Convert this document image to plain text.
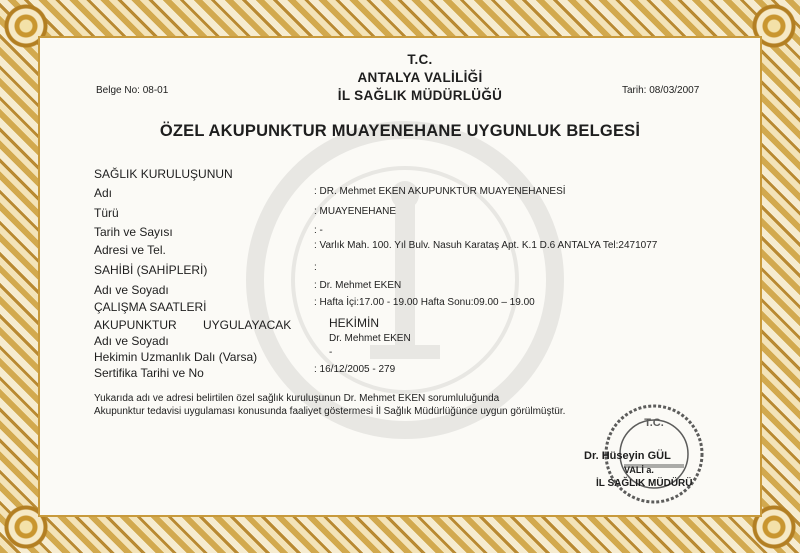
T.C.
ANTALYA VALİLİĞİ
İL SAĞLIK MÜDÜRLÜĞÜ
Belge No: 08-01	Tarih: 08/03/2007
ÖZEL AKUPUNKTUR MUAYENEHANE UYGUNLUK BELGESİ
SAĞLIK KURULUŞUNUN
Adı	: DR. Mehmet EKEN AKUPUNKTUR MUAYENEHANESİ
Türü	: MUAYENEHANE
Tarih ve Sayısı	: -
Adresi ve Tel.	: Varlık Mah. 100. Yıl Bulv. Nasuh Karataş Apt. K.1 D.6 ANTALYA Tel:2471077
SAHİBİ (SAHİPLERİ)	:
Adı ve Soyadı	: Dr. Mehmet EKEN
ÇALIŞMA SAATLERİ	: Hafta İçi:17.00 - 19.00 Hafta Sonu:09.00 – 19.00
AKUPUNKTUR UYGULAYACAK	HEKİMİN
Adı ve Soyadı	Dr. Mehmet EKEN
Hekimin Uzmanlık Dalı (Varsa)	-
Sertifika Tarihi ve No	: 16/12/2005 - 279
Yukarıda adı ve adresi belirtilen özel sağlık kuruluşunun Dr. Mehmet EKEN sorumluluğunda
Akupunktur tedavisi uygulaması konusunda faaliyet göstermesi İl Sağlık Müdürlüğünce uygun görülmüştür.
T.C.
Dr. Hüseyin GÜL
VALİ a.
İL SAĞLIK MÜDÜRÜ
